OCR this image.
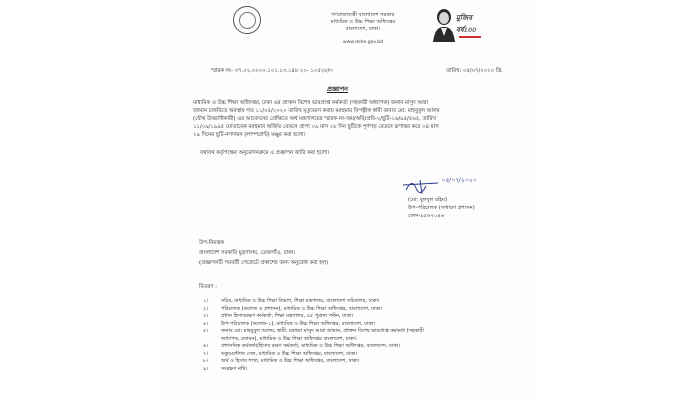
গণপ্রজাতন্ত্রী বাংলাদেশ সরকার
মাধ্যমিক ও উচ্চ শিক্ষা অধিদপ্তর
বাংলাদেশ, ঢাকা।
www.dshe.gov.bd
মুজিব
বর্ষ100
স্মারক নং- ৩৭.০২.০০০০.১০১.১৩.১৪৮.২০- ১০৫২৮/৩	তারিখ: ০৫/০৭/২০২০ খ্রি.
প্রজ্ঞাপন
মাধ্যমিক ও উচ্চ শিক্ষা অধিদপ্তর, ঢাকা এর প্রাক্তন বিশেষ ভারপ্রাপ্ত কর্মকর্তা (সহকারী অধ্যাপক) জনাব মাসুদ আরা
জামান চাকরিতে অবস্থায় গত ১১/০৫/২০২০ তারিখ মৃত্যুবরণ করায় মরহুমার বিপত্নীক স্বামী জনাব মো: মাহবুবুল আলম
(যৌথ উত্তরাধিকারী) এর আবেদনের প্রেক্ষিতে অর্থ মন্ত্রণালয়ের স্মারক নং-অম/অবি/প্রবি-২/ছুটি-১৬/৯৫/৫৬৫, তারিখ
১১/০৯/১৯৯৫ মোতাবেক মরহুমার অর্জিত বেতনে প্রাপ্য ০৯ মাস ২৮ দিন ছুটিকে পূর্ণগড় বেতনে রূপান্তর করে ০৪ মাস
২৯ দিনের ছুটি-নগদায়ন (লাম্পগ্রান্ট) মঞ্জুর করা হলো।
যথাযথ কর্তৃপক্ষের অনুমোদনক্রমে এ প্রজ্ঞাপন জারি করা হলো।
০৫/০৭/২০২০
(মো: বুলবুল রহিম)
উপ-পরিচালক (সাধারণ প্রশাসন)
ফোন-৯৫৬৭০৪৬
উপ-নিয়ন্ত্রক
বাংলাদেশ সরকারি মুদ্রণালয়, তেজগাঁও, ঢাকা।
(প্রজ্ঞাপনটি পরবর্তী গেজেটে প্রকাশের জন্য অনুরোধ করা হল)
বিতরণ :
১।	সচিব, মাধ্যমিক ও উচ্চ শিক্ষা বিভাগ, শিক্ষা মন্ত্রণালয়, বাংলাদেশ সচিবালয়, ঢাকা।
২।	পরিচালক (কলেজ ও প্রশাসন), মাধ্যমিক ও উচ্চ শিক্ষা অধিদপ্তর, বাংলাদেশ, ঢাকা।
৩।	প্রধান হিসাবরক্ষণ কর্মকর্তা, শিক্ষা মন্ত্রণালয়, ৪৫ পুরানা পল্টন, ঢাকা।
৪।	উপ-পরিচালক (কলেজ-১), মাধ্যমিক ও উচ্চ শিক্ষা অধিদপ্তর, বাংলাদেশ, ঢাকা।
৫।	জনাব মো: মাহবুবুল আলম, স্বামী: মরহুমা মাসুদ আরা জামান, প্রাক্তন বিশেষ ভারপ্রাপ্ত কর্মকর্তা (সহকারী
অধ্যাপক, রসায়ন), মাধ্যমিক ও উচ্চ শিক্ষা অধিদপ্তর বাংলাদেশ, ঢাকা।
৬।	প্রশাসনিক কর্মকর্তা/হিসাব রক্ষণ কর্মকর্তা, মাধ্যমিক ও উচ্চ শিক্ষা অধিদপ্তর, বাংলাদেশ, ঢাকা।
৭।	ডকুমেন্টেশন সেল, মাধ্যমিক ও উচ্চ শিক্ষা অধিদপ্তর, বাংলাদেশ, ঢাকা।
৮।	অর্থ ও হিসাব শাখা, মাধ্যমিক ও উচ্চ শিক্ষা অধিদপ্তর, বাংলাদেশ, ঢাকা।
৯।	সংরক্ষণ নথি।
